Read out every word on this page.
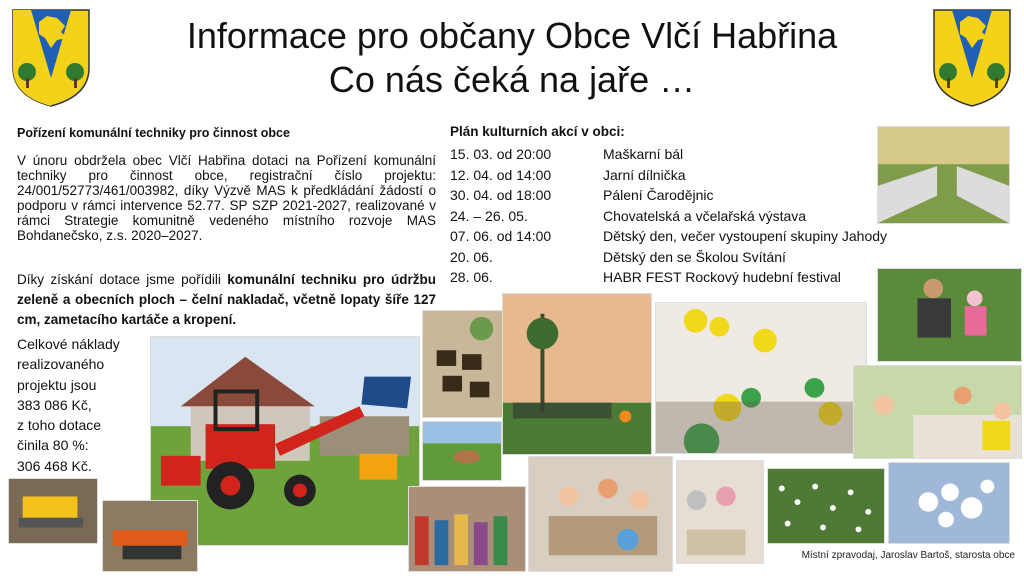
Informace pro občany Obce Vlčí Habřina
Co nás čeká na jaře …
Pořízení komunální techniky pro činnost obce
V únoru obdržela obec Vlčí Habřina dotaci na Pořízení komunální techniky pro činnost obce, registrační číslo projektu: 24/001/52773/461/003982, díky Výzvě MAS k předkládání žádostí o podporu v rámci intervence 52.77. SP SZP 2021-2027, realizované v rámci Strategie komunitně vedeného místního rozvoje MAS Bohdanečsko, z.s. 2020–2027.
Díky získání dotace jsme pořídili komunální techniku pro údržbu zeleně a obecních ploch – čelní nakladač, včetně lopaty šíře 127 cm, zametacího kartáče a kropení.
Celkové náklady
realizovaného
projektu jsou
383 086 Kč,
z toho dotace
činila 80 %:
306 468 Kč.
Plán kulturních akcí v obci:
15. 03. od 20:00	Maškarní bál
12. 04. od 14:00	Jarní dílnička
30. 04. od 18:00	Pálení Čarodějnic
24. – 26. 05.	Chovatelská a včelařská výstava
07. 06. od 14:00	Dětský den, večer vystoupení skupiny Jahody
20. 06.	Dětský den se Školou Svítání
28. 06.	HABR FEST Rockový hudební festival
Místní zpravodaj, Jaroslav Bartoš, starosta obce
